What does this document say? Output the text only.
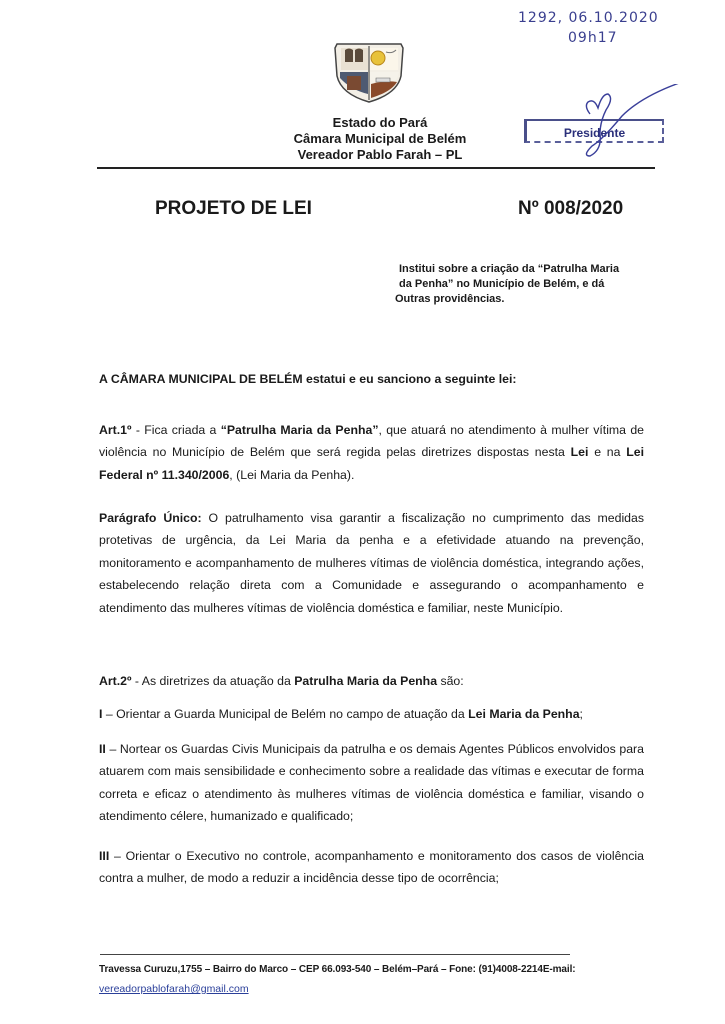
1292, 06.10.2020
09h17
Estado do Pará
Câmara Municipal de Belém
Vereador Pablo Farah – PL
Presidente
PROJETO DE LEI	Nº 008/2020
Institui sobre a criação da “Patrulha Maria
da Penha” no Município de Belém, e dá
Outras providências.
A CÂMARA MUNICIPAL DE BELÉM estatui e eu sanciono a seguinte lei:
Art.1º - Fica criada a “Patrulha Maria da Penha”, que atuará no atendimento à mulher vítima de violência no Município de Belém que será regida pelas diretrizes dispostas nesta Lei e na Lei Federal nº 11.340/2006, (Lei Maria da Penha).
Parágrafo Único: O patrulhamento visa garantir a fiscalização no cumprimento das medidas protetivas de urgência, da Lei Maria da penha e a efetividade atuando na prevenção, monitoramento e acompanhamento de mulheres vítimas de violência doméstica, integrando ações, estabelecendo relação direta com a Comunidade e assegurando o acompanhamento e atendimento das mulheres vítimas de violência doméstica e familiar, neste Município.
Art.2º - As diretrizes da atuação da Patrulha Maria da Penha são:
I – Orientar a Guarda Municipal de Belém no campo de atuação da Lei Maria da Penha;
II – Nortear os Guardas Civis Municipais da patrulha e os demais Agentes Públicos envolvidos para atuarem com mais sensibilidade e conhecimento sobre a realidade das vítimas e executar de forma correta e eficaz o atendimento às mulheres vítimas de violência doméstica e familiar, visando o atendimento célere, humanizado e qualificado;
III – Orientar o Executivo no controle, acompanhamento e monitoramento dos casos de violência contra a mulher, de modo a reduzir a incidência desse tipo de ocorrência;
Travessa Curuzu,1755 – Bairro do Marco – CEP 66.093-540 – Belém–Pará – Fone: (91)4008-2214E-mail:
vereadorpablofarah@gmail.com
